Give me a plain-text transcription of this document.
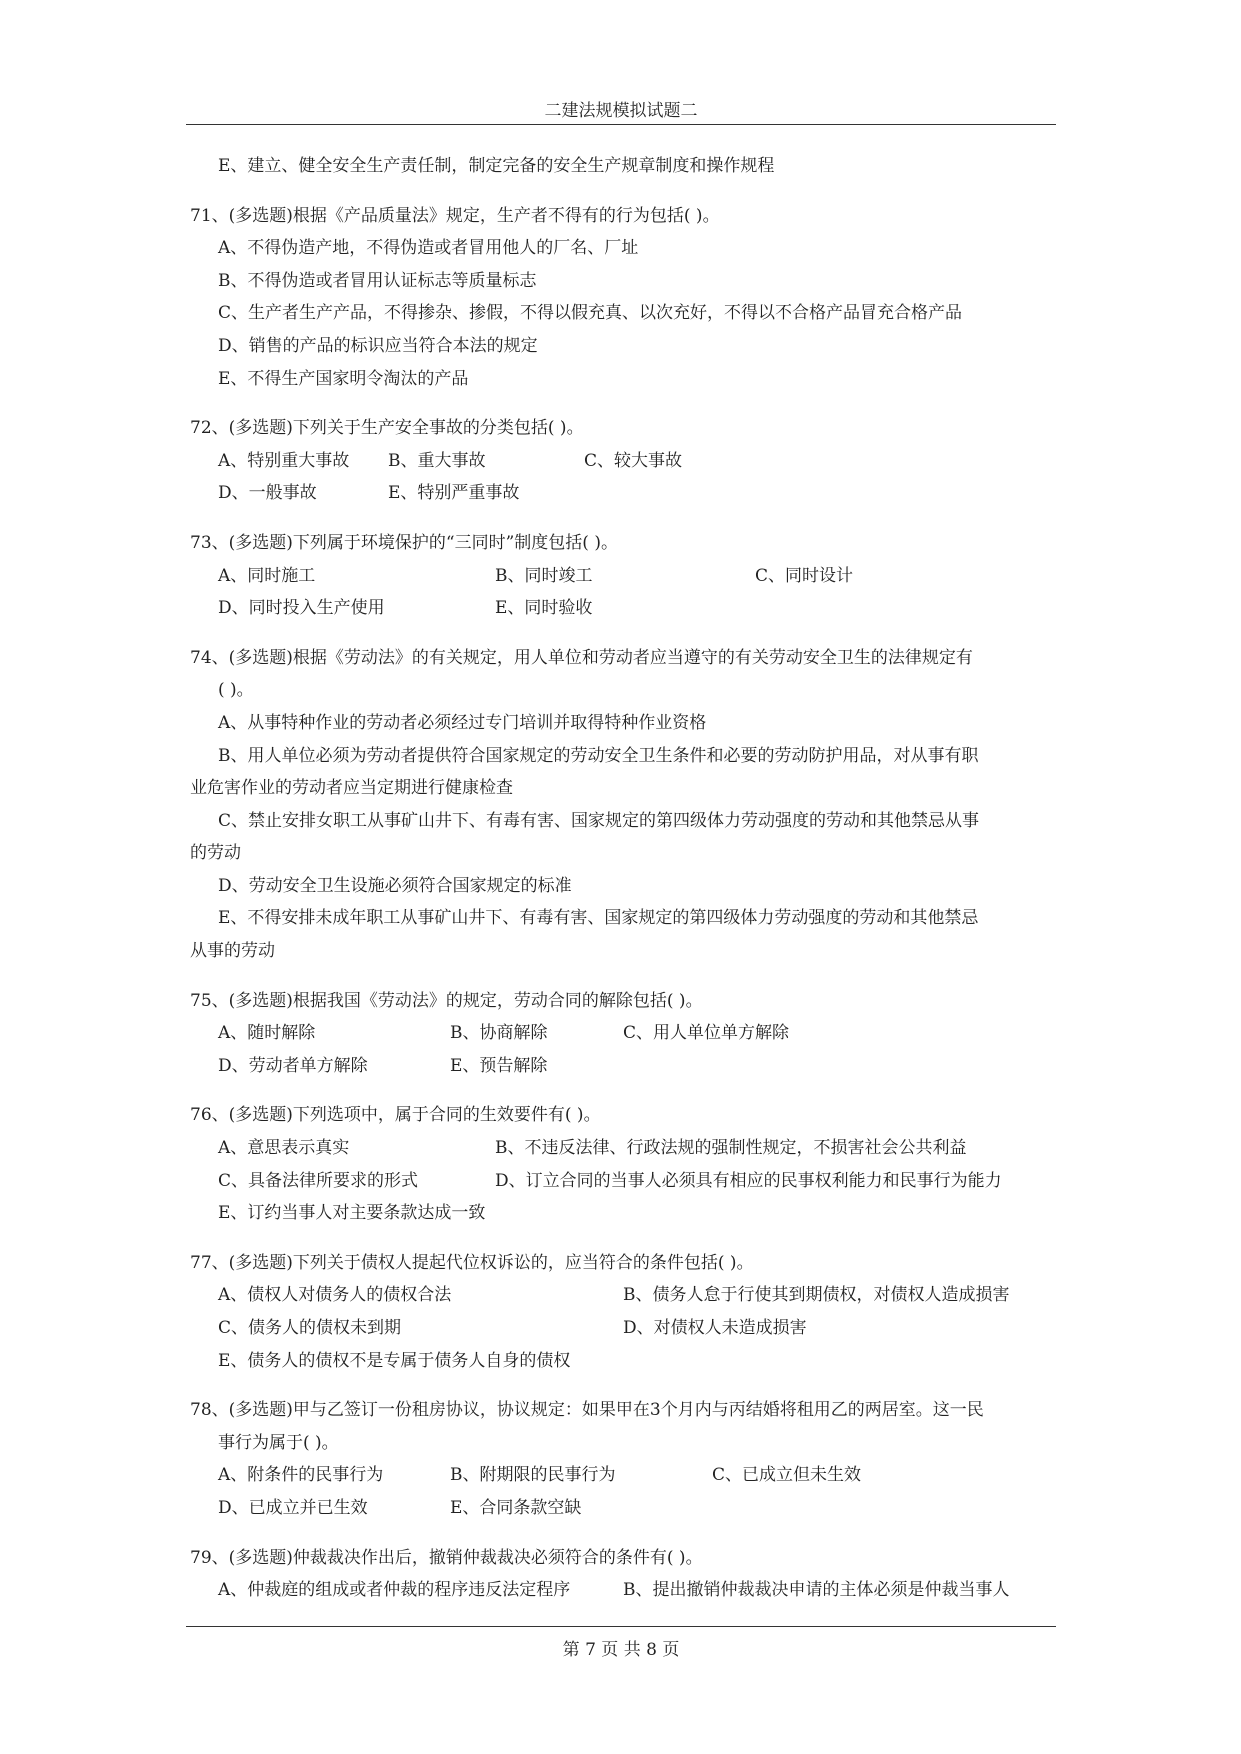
二建法规模拟试题二
E、建立、健全安全生产责任制，制定完备的安全生产规章制度和操作规程
71、(多选题)根据《产品质量法》规定，生产者不得有的行为包括( )。
A、不得伪造产地，不得伪造或者冒用他人的厂名、厂址
B、不得伪造或者冒用认证标志等质量标志
C、生产者生产产品，不得掺杂、掺假，不得以假充真、以次充好，不得以不合格产品冒充合格产品
D、销售的产品的标识应当符合本法的规定
E、不得生产国家明令淘汰的产品
72、(多选题)下列关于生产安全事故的分类包括( )。
A、特别重大事故 B、重大事故	C、较大事故
D、一般事故	E、特别严重事故
73、(多选题)下列属于环境保护的“三同时”制度包括( )。
A、同时施工	B、同时竣工	C、同时设计
D、同时投入生产使用	E、同时验收
74、(多选题)根据《劳动法》的有关规定，用人单位和劳动者应当遵守的有关劳动安全卫生的法律规定有
( )。
A、从事特种作业的劳动者必须经过专门培训并取得特种作业资格
B、用人单位必须为劳动者提供符合国家规定的劳动安全卫生条件和必要的劳动防护用品，对从事有职
业危害作业的劳动者应当定期进行健康检查
C、禁止安排女职工从事矿山井下、有毒有害、国家规定的第四级体力劳动强度的劳动和其他禁忌从事
的劳动
D、劳动安全卫生设施必须符合国家规定的标准
E、不得安排未成年职工从事矿山井下、有毒有害、国家规定的第四级体力劳动强度的劳动和其他禁忌
从事的劳动
75、(多选题)根据我国《劳动法》的规定，劳动合同的解除包括( )。
A、随时解除	B、协商解除	C、用人单位单方解除
D、劳动者单方解除	E、预告解除
76、(多选题)下列选项中，属于合同的生效要件有( )。
A、意思表示真实	B、不违反法律、行政法规的强制性规定，不损害社会公共利益
C、具备法律所要求的形式	D、订立合同的当事人必须具有相应的民事权利能力和民事行为能力
E、订约当事人对主要条款达成一致
77、(多选题)下列关于债权人提起代位权诉讼的，应当符合的条件包括( )。
A、债权人对债务人的债权合法	B、债务人怠于行使其到期债权，对债权人造成损害
C、债务人的债权未到期	D、对债权人未造成损害
E、债务人的债权不是专属于债务人自身的债权
78、(多选题)甲与乙签订一份租房协议，协议规定：如果甲在3个月内与丙结婚将租用乙的两居室。这一民
事行为属于( )。
A、附条件的民事行为	B、附期限的民事行为	C、已成立但未生效
D、已成立并已生效	E、合同条款空缺
79、(多选题)仲裁裁决作出后，撤销仲裁裁决必须符合的条件有( )。
A、仲裁庭的组成或者仲裁的程序违反法定程序	B、提出撤销仲裁裁决申请的主体必须是仲裁当事人
第 7 页 共 8 页
